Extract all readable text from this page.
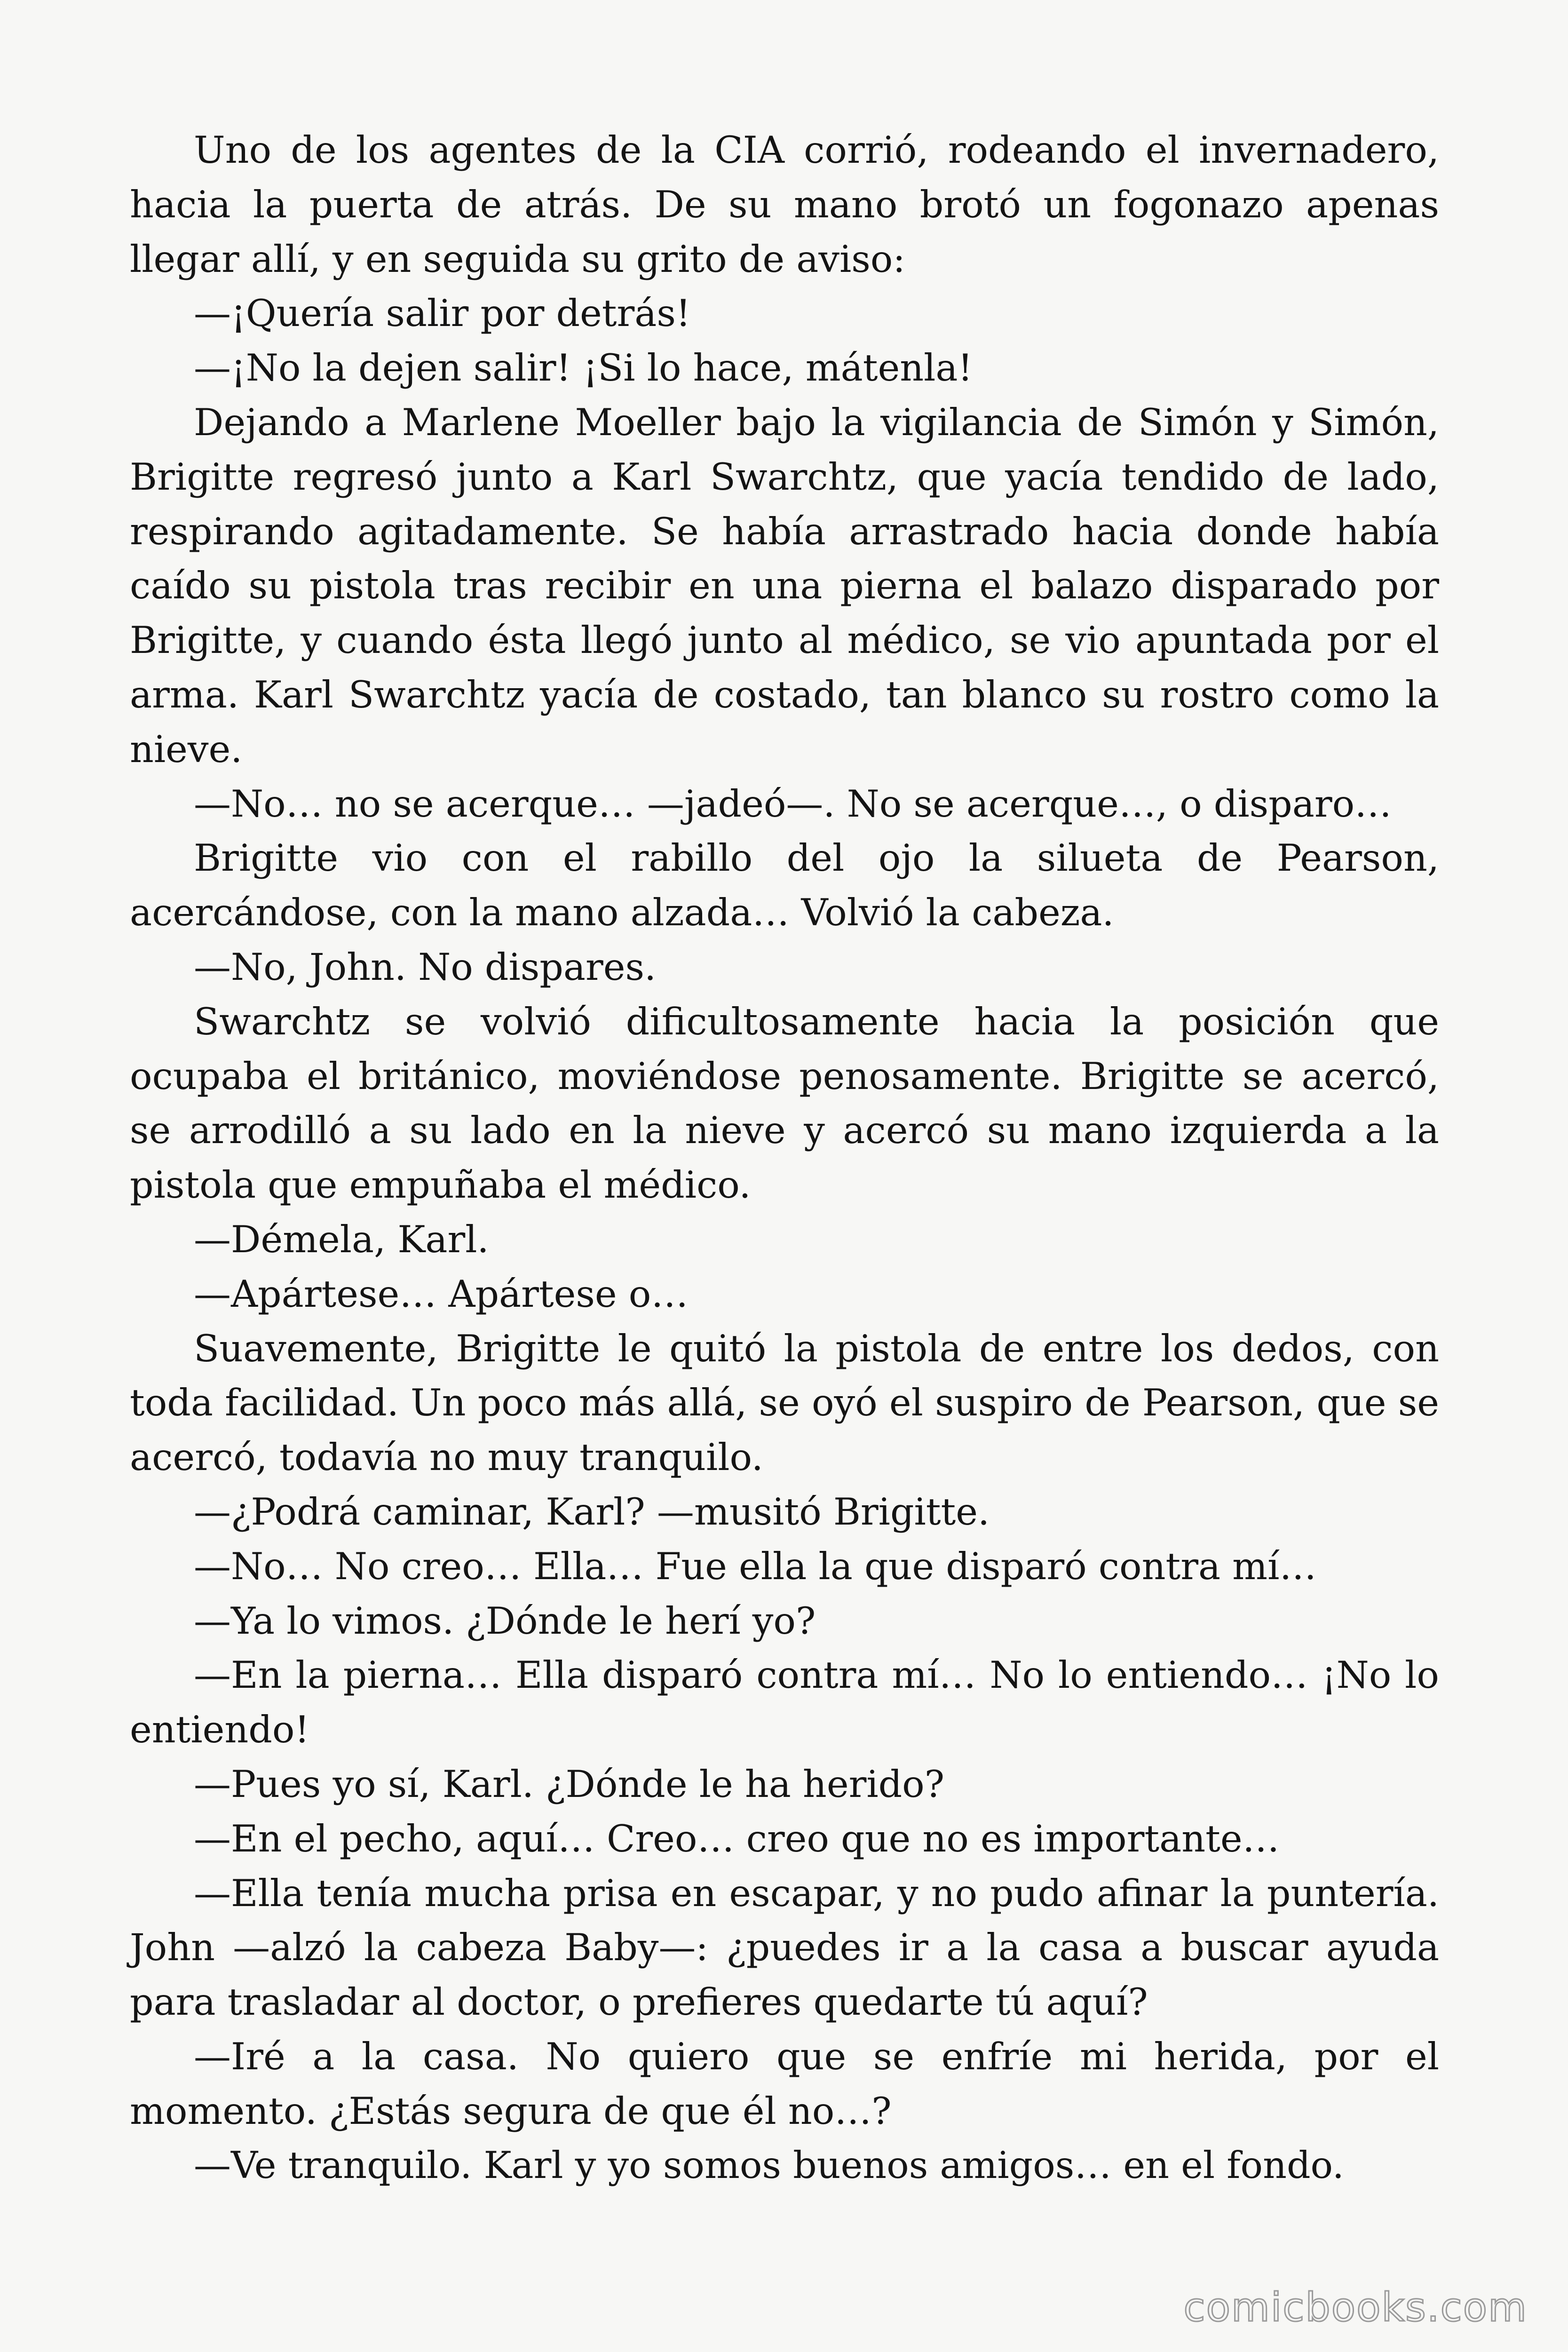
Uno de los agentes de la CIA corrió, rodeando el invernadero, hacia la puerta de atrás. De su mano brotó un fogonazo apenas llegar allí, y en seguida su grito de aviso:

—¡Quería salir por detrás!

—¡No la dejen salir! ¡Si lo hace, mátenla!

Dejando a Marlene Moeller bajo la vigilancia de Simón y Simón, Brigitte regresó junto a Karl Swarchtz, que yacía tendido de lado, respirando agitadamente. Se había arrastrado hacia donde había caído su pistola tras recibir en una pierna el balazo disparado por Brigitte, y cuando ésta llegó junto al médico, se vio apuntada por el arma. Karl Swarchtz yacía de costado, tan blanco su rostro como la nieve.

—No… no se acerque… —jadeó—. No se acerque…, o disparo…

Brigitte vio con el rabillo del ojo la silueta de Pearson, acercándose, con la mano alzada… Volvió la cabeza.

—No, John. No dispares.

Swarchtz se volvió dificultosamente hacia la posición que ocupaba el británico, moviéndose penosamente. Brigitte se acercó, se arrodilló a su lado en la nieve y acercó su mano izquierda a la pistola que empuñaba el médico.

—Démela, Karl.

—Apártese… Apártese o…

Suavemente, Brigitte le quitó la pistola de entre los dedos, con toda facilidad. Un poco más allá, se oyó el suspiro de Pearson, que se acercó, todavía no muy tranquilo.

—¿Podrá caminar, Karl? —musitó Brigitte.

—No… No creo… Ella… Fue ella la que disparó contra mí…

—Ya lo vimos. ¿Dónde le herí yo?

—En la pierna… Ella disparó contra mí… No lo entiendo… ¡No lo entiendo!

—Pues yo sí, Karl. ¿Dónde le ha herido?

—En el pecho, aquí… Creo… creo que no es importante…

—Ella tenía mucha prisa en escapar, y no pudo afinar la puntería. John —alzó la cabeza Baby—: ¿puedes ir a la casa a buscar ayuda para trasladar al doctor, o prefieres quedarte tú aquí?

—Iré a la casa. No quiero que se enfríe mi herida, por el momento. ¿Estás segura de que él no…?

—Ve tranquilo. Karl y yo somos buenos amigos… en el fondo.

comicbooks.com
